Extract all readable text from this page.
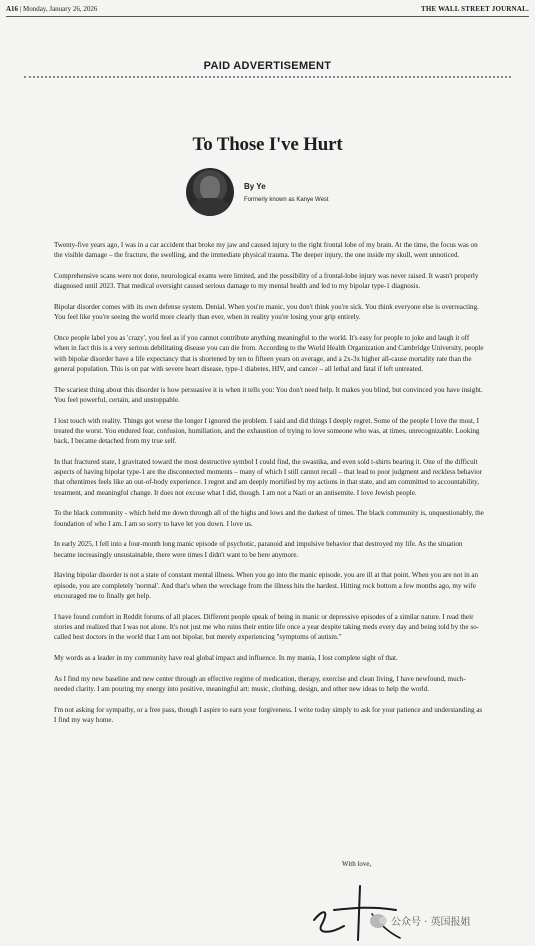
A16 | Monday, January 26, 2026	THE WALL STREET JOURNAL.
PAID ADVERTISEMENT
To Those I've Hurt
By Ye
Formerly known as Kanye West

Twenty-five years ago, I was in a car accident that broke my jaw and caused injury to the right frontal lobe of my brain. At the time, the focus was on the visible damage – the fracture, the swelling, and the immediate physical trauma. The deeper injury, the one inside my skull, went unnoticed.

Comprehensive scans were not done, neurological exams were limited, and the possibility of a frontal-lobe injury was never raised. It wasn't properly diagnosed until 2023. That medical oversight caused serious damage to my mental health and led to my bipolar type-1 diagnosis.

Bipolar disorder comes with its own defense system. Denial. When you're manic, you don't think you're sick. You think everyone else is overreacting. You feel like you're seeing the world more clearly than ever, when in reality you're losing your grip entirely.

Once people label you as 'crazy', you feel as if you cannot contribute anything meaningful to the world. It's easy for people to joke and laugh it off when in fact this is a very serious debilitating disease you can die from. According to the World Health Organization and Cambridge University, people with bipolar disorder have a life expectancy that is shortened by ten to fifteen years on average, and a 2x-3x higher all-cause mortality rate than the general population. This is on par with severe heart disease, type-1 diabetes, HIV, and cancer – all lethal and fatal if left untreated.

The scariest thing about this disorder is how persuasive it is when it tells you: You don't need help. It makes you blind, but convinced you have insight. You feel powerful, certain, and unstoppable.

I lost touch with reality. Things got worse the longer I ignored the problem. I said and did things I deeply regret. Some of the people I love the most, I treated the worst. You endured fear, confusion, humiliation, and the exhaustion of trying to love someone who was, at times, unrecognizable. Looking back, I became detached from my true self.

In that fractured state, I gravitated toward the most destructive symbol I could find, the swastika, and even sold t-shirts bearing it. One of the difficult aspects of having bipolar type-1 are the disconnected moments – many of which I still cannot recall – that lead to poor judgment and reckless behavior that oftentimes feels like an out-of-body experience. I regret and am deeply mortified by my actions in that state, and am committed to accountability, treatment, and meaningful change. It does not excuse what I did, though. I am not a Nazi or an antisemite. I love Jewish people.

To the black community - which held me down through all of the highs and lows and the darkest of times. The black community is, unquestionably, the foundation of who I am. I am so sorry to have let you down. I love us.

In early 2025, I fell into a four-month long manic episode of psychotic, paranoid and impulsive behavior that destroyed my life. As the situation became increasingly unsustainable, there were times I didn't want to be here anymore.

Having bipolar disorder is not a state of constant mental illness. When you go into the manic episode, you are ill at that point. When you are not in an episode, you are completely 'normal'. And that's when the wreckage from the illness hits the hardest. Hitting rock bottom a few months ago, my wife encouraged me to finally get help.

I have found comfort in Reddit forums of all places. Different people speak of being in manic or depressive episodes of a similar nature. I read their stories and realized that I was not alone. It's not just me who ruins their entire life once a year despite taking meds every day and being told by the so-called best doctors in the world that I am not bipolar, but merely experiencing "symptoms of autism."

My words as a leader in my community have real global impact and influence. In my mania, I lost complete sight of that.

As I find my new baseline and new center through an effective regime of medication, therapy, exercise and clean living, I have newfound, much-needed clarity. I am pouring my energy into positive, meaningful art: music, clothing, design, and other new ideas to help the world.

I'm not asking for sympathy, or a free pass, though I aspire to earn your forgiveness. I write today simply to ask for your patience and understanding as I find my way home.

With love,
公众号 · 英国报姐
